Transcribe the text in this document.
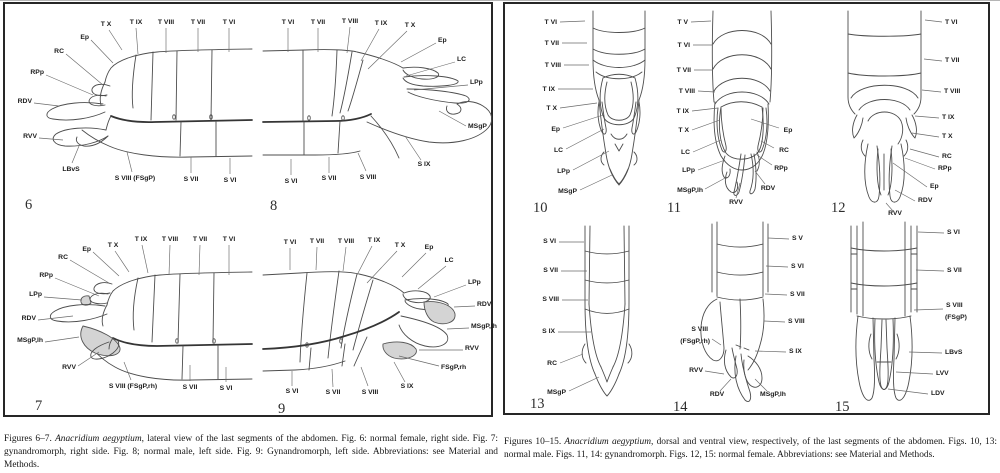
T X	T IX T VIII T VII	T VI
Ep
RC
RPp
RDV
RVV
LBvS
S VIII (FSgP)	S VII	S VI
6
RC
Ep
T X
T IX T VIII T VII T VI
RPp
LPp
RDV
MSgP,lh
RVV
S VIII (FSgP,rh)	S VII	S VI
7
T VI T VII T VIII T IX	T X
Ep
LC
LPp
MSgP
S IX
S VIII
S VII
S VI
8
T VI T VII T VIII T IX
T X	Ep
LC
LPp
RDV
MSgP,lh
RVV
FSgP,rh
S IX
S VIII
S VII
S VI
9
T VI
T VII
T VIII
T IX
T X
Ep
LC
LPp
MSgP
10
T V
T VI
T VII
T VIII
T IX
T X
LC
LPp
MSgP,lh
RVV
RDV
RPp
RC
Ep
11
T VI
T VII
T VIII
T IX
T X
RC
RPp
Ep
RDV
RVV
12
S VI
S VII
S VIII
S IX
RC
MSgP
13
S V
S VI
S VII
S VIII
S IX
S VIII
(FSgP,rh)
RVV
RDV	MSgP,lh
14
S VI
S VII
S VIII
(FSgP)
LBvS
LVV
LDV
15

Figures 6–7. Anacridium aegyptium, lateral view of the last segments of the abdomen. Fig. 6: normal female, right side. Fig. 7: gynandromorph, right side. Fig. 8; normal male, left side. Fig. 9: Gynandromorph, left side. Abbreviations: see Material and Methods.

Figures 10–15. Anacridium aegyptium, dorsal and ventral view, respectively, of the last segments of the abdomen. Figs. 10, 13: normal male. Figs. 11, 14: gynandromorph. Figs. 12, 15: normal female. Abbreviations: see Material and Methods.
